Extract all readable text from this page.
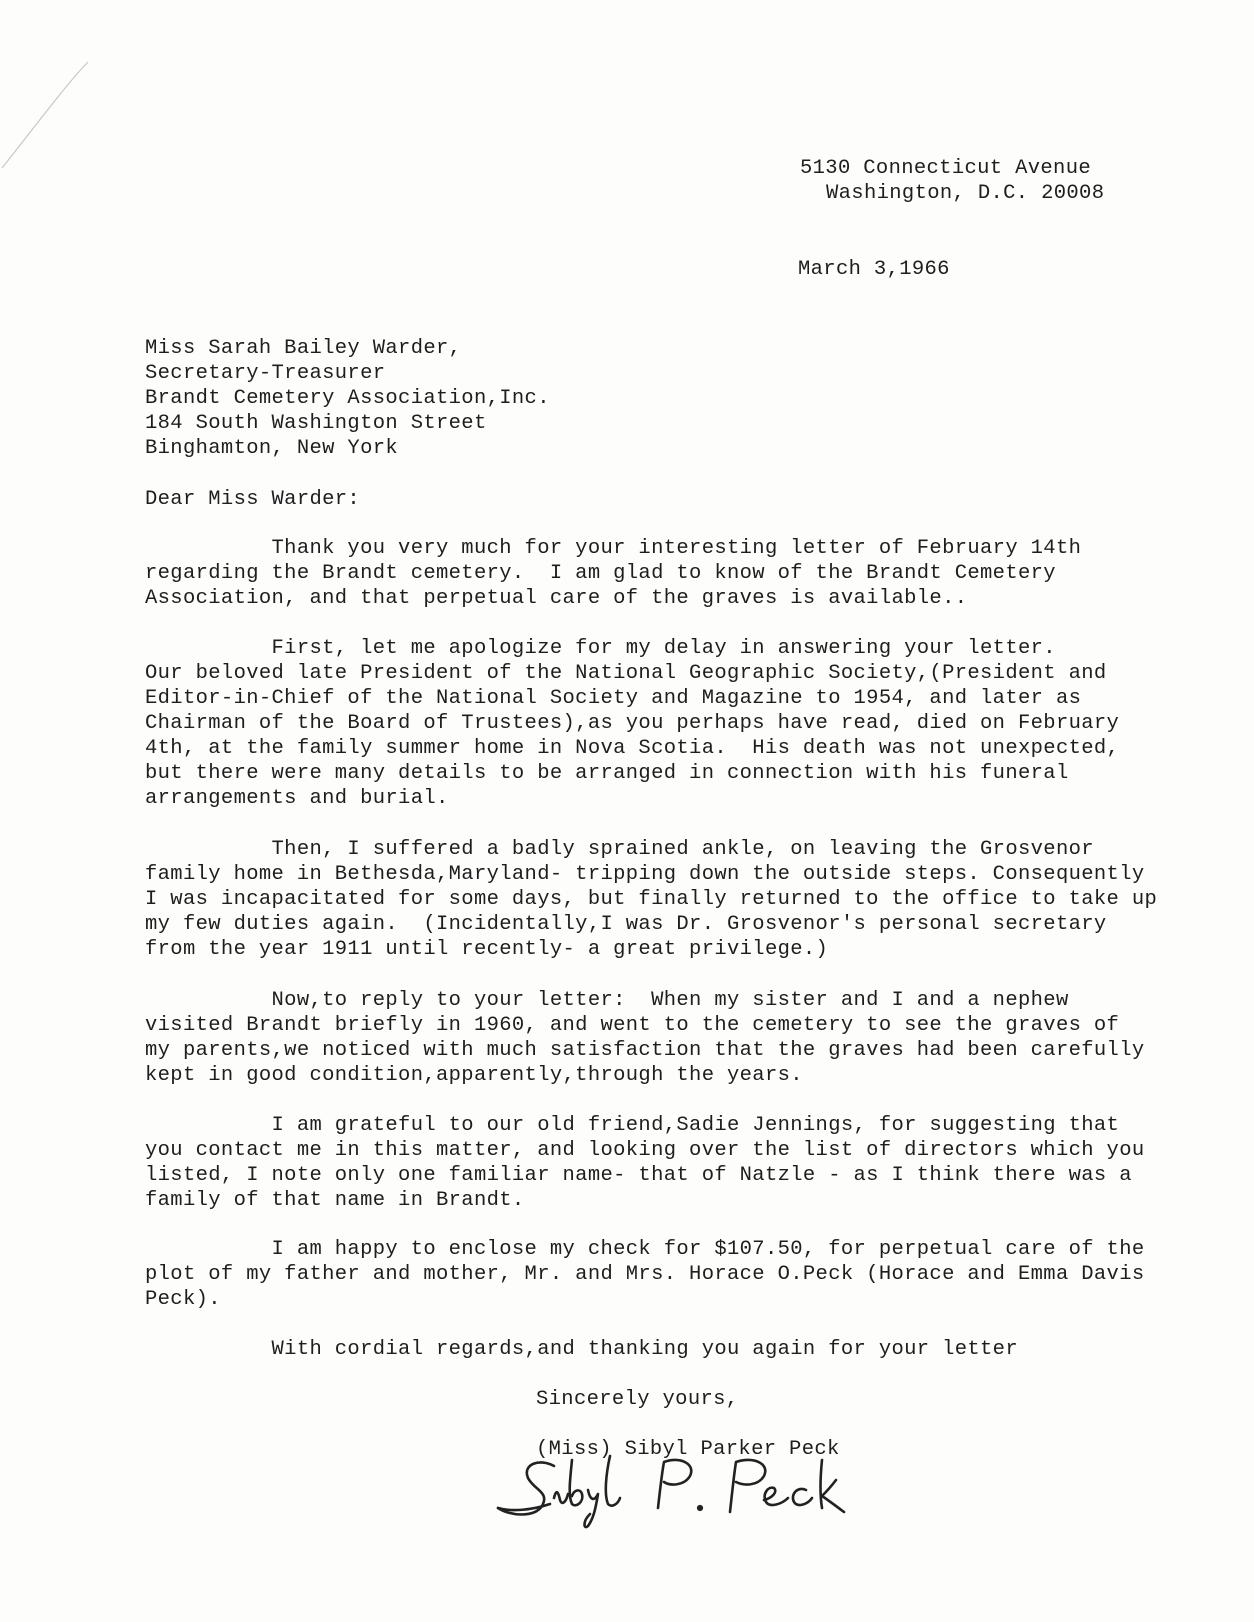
5130 Connecticut Avenue
Washington, D.C. 20008
March 3,1966
Miss Sarah Bailey Warder,
Secretary-Treasurer
Brandt Cemetery Association,Inc.
184 South Washington Street
Binghamton, New York
Dear Miss Warder:
Thank you very much for your interesting letter of February 14th
regarding the Brandt cemetery.  I am glad to know of the Brandt Cemetery
Association, and that perpetual care of the graves is available..
First, let me apologize for my delay in answering your letter.
Our beloved late President of the National Geographic Society,(President and
Editor-in-Chief of the National Society and Magazine to 1954, and later as
Chairman of the Board of Trustees),as you perhaps have read, died on February
4th, at the family summer home in Nova Scotia.  His death was not unexpected,
but there were many details to be arranged in connection with his funeral
arrangements and burial.
Then, I suffered a badly sprained ankle, on leaving the Grosvenor
family home in Bethesda,Maryland- tripping down the outside steps. Consequently
I was incapacitated for some days, but finally returned to the office to take up
my few duties again.  (Incidentally,I was Dr. Grosvenor's personal secretary
from the year 1911 until recently- a great privilege.)
Now,to reply to your letter:  When my sister and I and a nephew
visited Brandt briefly in 1960, and went to the cemetery to see the graves of
my parents,we noticed with much satisfaction that the graves had been carefully
kept in good condition,apparently,through the years.
I am grateful to our old friend,Sadie Jennings, for suggesting that
you contact me in this matter, and looking over the list of directors which you
listed, I note only one familiar name- that of Natzle - as I think there was a
family of that name in Brandt.
I am happy to enclose my check for $107.50, for perpetual care of the
plot of my father and mother, Mr. and Mrs. Horace O.Peck (Horace and Emma Davis
Peck).
With cordial regards,and thanking you again for your letter
Sincerely yours,
(Miss) Sibyl Parker Peck
